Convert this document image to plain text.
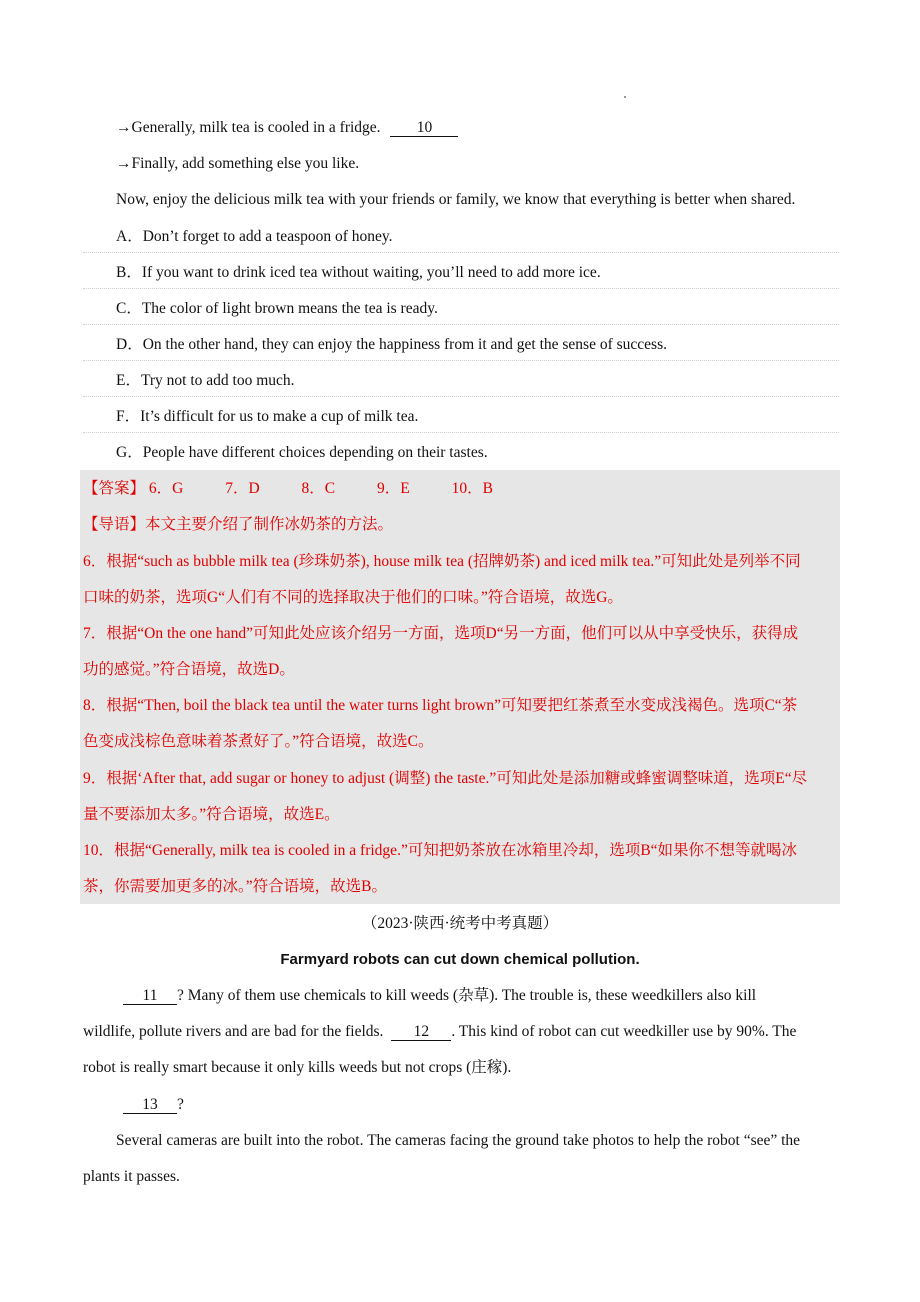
→Generally, milk tea is cooled in a fridge. 10
→Finally, add something else you like.
Now, enjoy the delicious milk tea with your friends or family, we know that everything is better when shared.
A．Don’t forget to add a teaspoon of honey.
B．If you want to drink iced tea without waiting, you’ll need to add more ice.
C．The color of light brown means the tea is ready.
D．On the other hand, they can enjoy the happiness from it and get the sense of success.
E．Try not to add too much.
F．It’s difficult for us to make a cup of milk tea.
G．People have different choices depending on their tastes.
【答案】 6．G	7．D	8．C	9．E	10．B
【导语】本文主要介绍了制作冰奶茶的方法。
6．根据“such as bubble milk tea (珍珠奶茶), house milk tea (招牌奶茶) and iced milk tea.”可知此处是列举不同
口味的奶茶，选项G“人们有不同的选择取决于他们的口味。”符合语境，故选G。
7．根据“On the one hand”可知此处应该介绍另一方面，选项D“另一方面，他们可以从中享受快乐，获得成
功的感觉。”符合语境，故选D。
8．根据“Then, boil the black tea until the water turns light brown”可知要把红茶煮至水变成浅褐色。选项C“茶
色变成浅棕色意味着茶煮好了。”符合语境，故选C。
9．根据‘After that, add sugar or honey to adjust (调整) the taste.”可知此处是添加糖或蜂蜜调整味道，选项E“尽
量不要添加太多。”符合语境，故选E。
10．根据“Generally, milk tea is cooled in a fridge.”可知把奶茶放在冰箱里冷却，选项B“如果你不想等就喝冰
茶，你需要加更多的冰。”符合语境，故选B。
（2023·陕西·统考中考真题）
Farmyard robots can cut down chemical pollution.
11 ? Many of them use chemicals to kill weeds (杂草). The trouble is, these weedkillers also kill
wildlife, pollute rivers and are bad for the fields. 12 . This kind of robot can cut weedkiller use by 90%. The
robot is really smart because it only kills weeds but not crops (庄稼).
13 ?
Several cameras are built into the robot. The cameras facing the ground take photos to help the robot “see” the
plants it passes.
